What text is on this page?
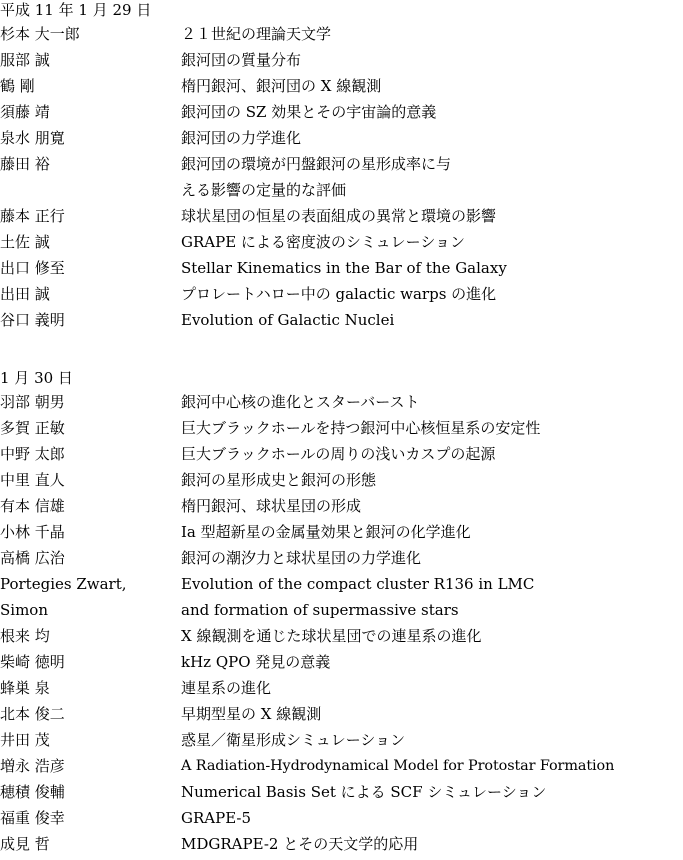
平成 11 年 1 月 29 日
杉本 大一郎	２１世紀の理論天文学
服部 誠	銀河団の質量分布
鶴 剛	楕円銀河、銀河団の X 線観測
須藤 靖	銀河団の SZ 効果とその宇宙論的意義
泉水 朋寛	銀河団の力学進化
藤田 裕	銀河団の環境が円盤銀河の星形成率に与
える影響の定量的な評価
藤本 正行	球状星団の恒星の表面組成の異常と環境の影響
土佐 誠	GRAPE による密度波のシミュレーション
出口 修至	Stellar Kinematics in the Bar of the Galaxy
出田 誠	プロレートハロー中の galactic warps の進化
谷口 義明	Evolution of Galactic Nuclei
1 月 30 日
羽部 朝男	銀河中心核の進化とスターバースト
多賀 正敏	巨大ブラックホールを持つ銀河中心核恒星系の安定性
中野 太郎	巨大ブラックホールの周りの浅いカスプの起源
中里 直人	銀河の星形成史と銀河の形態
有本 信雄	楕円銀河、球状星団の形成
小林 千晶	Ia 型超新星の金属量効果と銀河の化学進化
高橋 広治	銀河の潮汐力と球状星団の力学進化
Portegies Zwart,	Evolution of the compact cluster R136 in LMC
Simon	and formation of supermassive stars
根来 均	X 線観測を通じた球状星団での連星系の進化
柴崎 徳明	kHz QPO 発見の意義
蜂巣 泉	連星系の進化
北本 俊二	早期型星の X 線観測
井田 茂	惑星／衛星形成シミュレーション
増永 浩彦	A Radiation-Hydrodynamical Model for Protostar Formation
穂積 俊輔	Numerical Basis Set による SCF シミュレーション
福重 俊幸	GRAPE-5
成見 哲	MDGRAPE-2 とその天文学的応用
